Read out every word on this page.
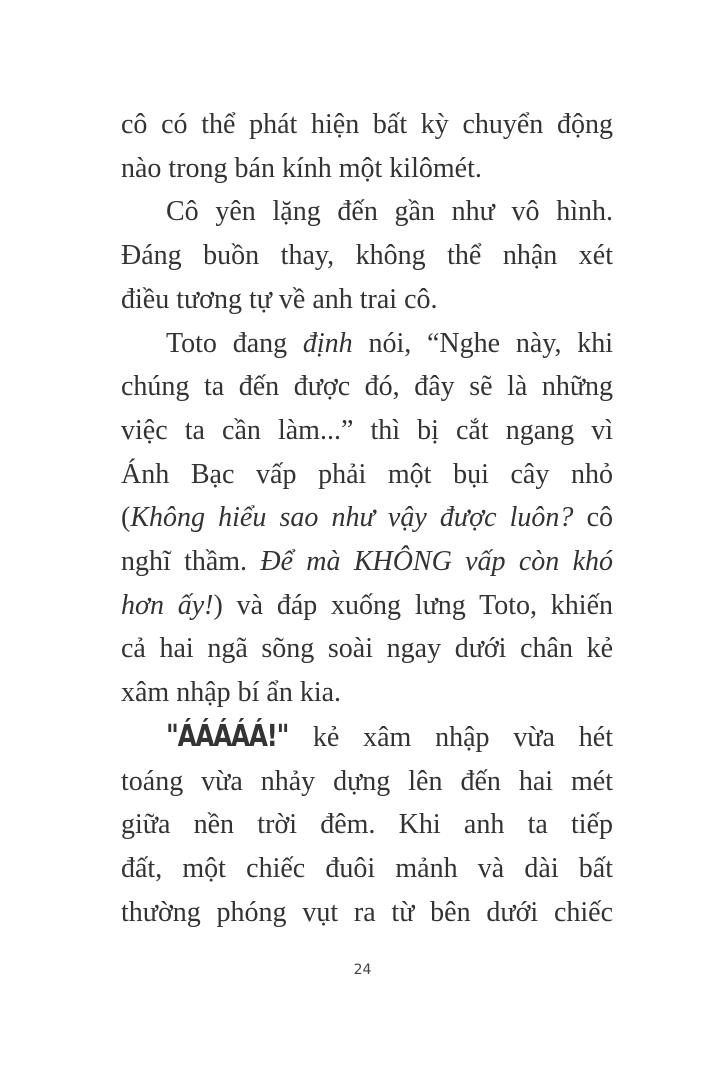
cô có thể phát hiện bất kỳ chuyển động
nào trong bán kính một kilômét.
Cô yên lặng đến gần như vô hình.
Đáng buồn thay, không thể nhận xét
điều tương tự về anh trai cô.
Toto đang định nói, “Nghe này, khi
chúng ta đến được đó, đây sẽ là những
việc ta cần làm...” thì bị cắt ngang vì
Ánh Bạc vấp phải một bụi cây nhỏ
(Không hiểu sao như vậy được luôn? cô
nghĩ thầm. Để mà KHÔNG vấp còn khó
hơn ấy!) và đáp xuống lưng Toto, khiến
cả hai ngã sõng soài ngay dưới chân kẻ
xâm nhập bí ẩn kia.
"ÁÁÁÁÁ!" kẻ xâm nhập vừa hét
toáng vừa nhảy dựng lên đến hai mét
giữa nền trời đêm. Khi anh ta tiếp
đất, một chiếc đuôi mảnh và dài bất
thường phóng vụt ra từ bên dưới chiếc
24
